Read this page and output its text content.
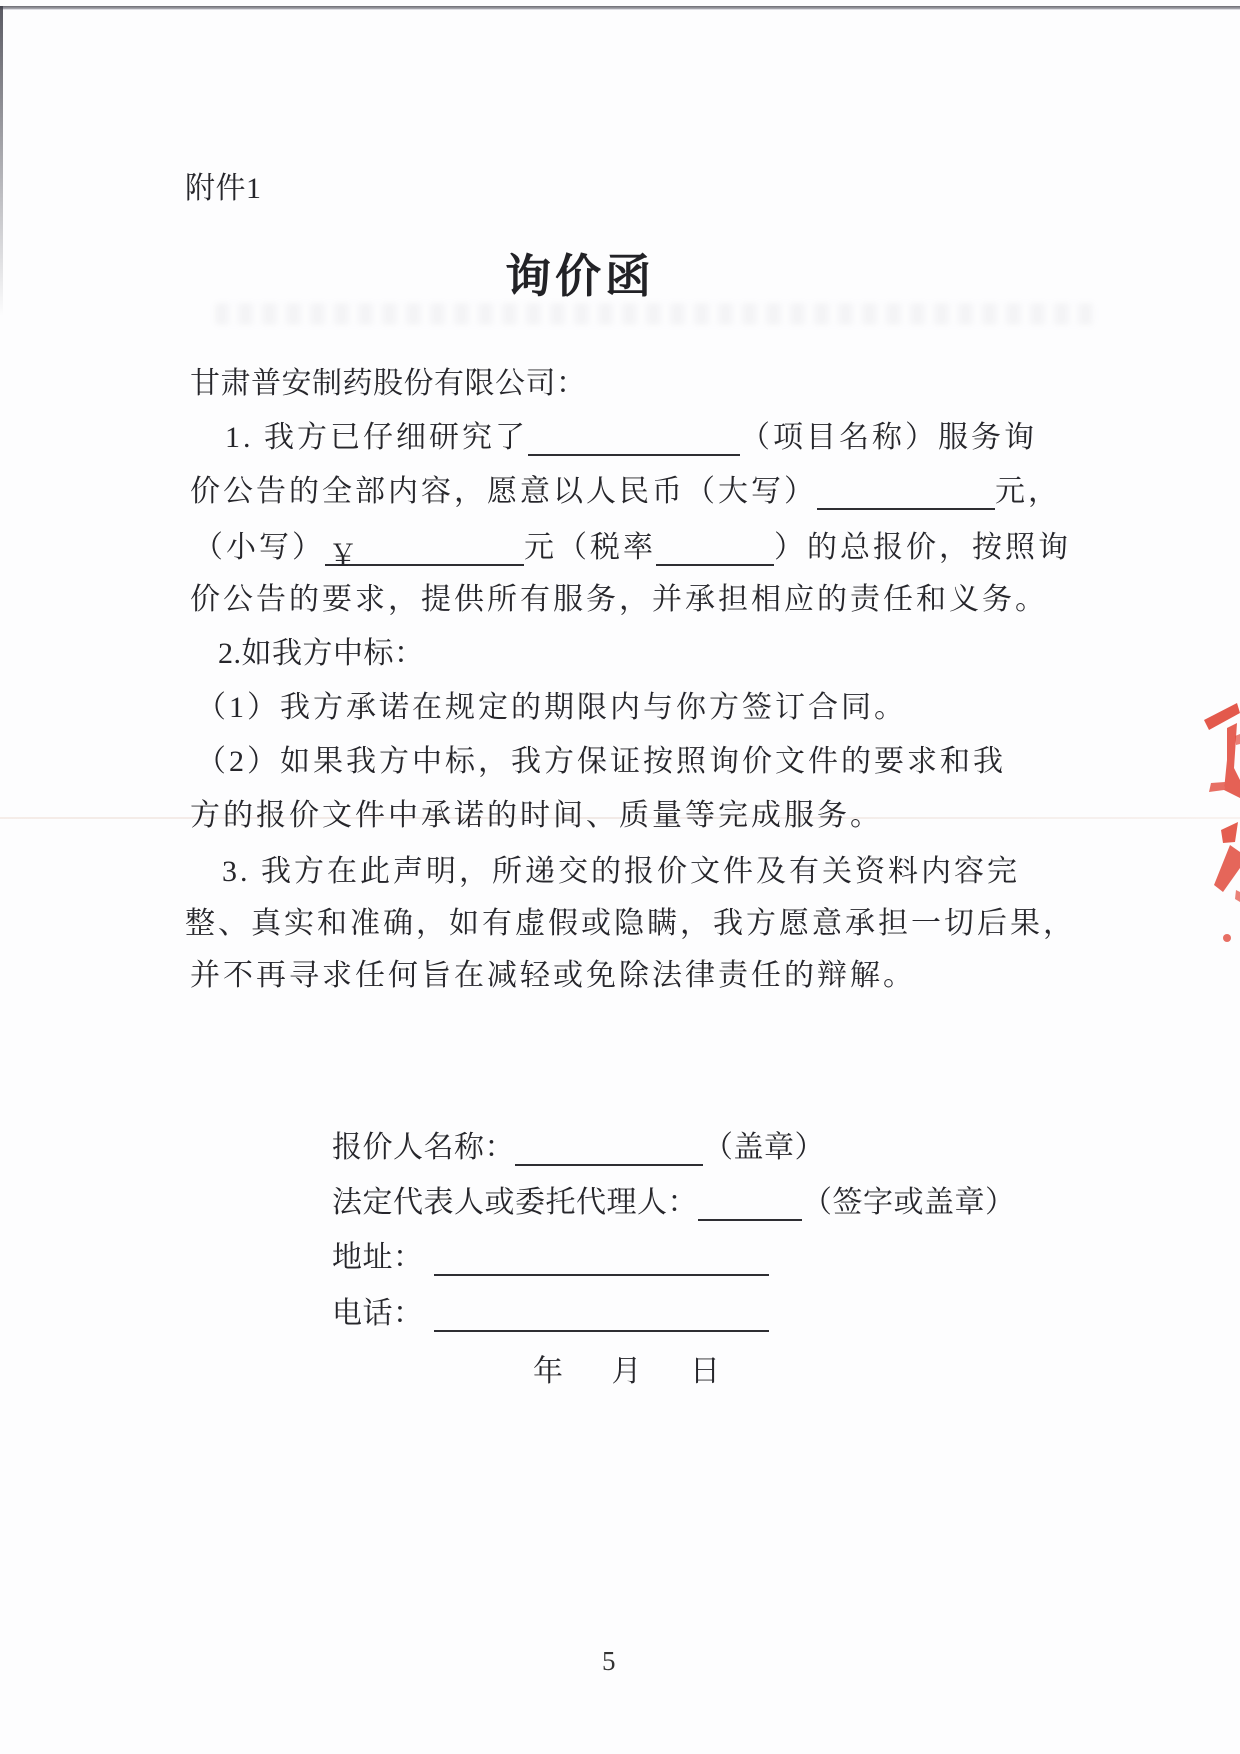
附件1
询价函
甘肃普安制药股份有限公司：
1. 我方已仔细研究了	（项目名称）服务询
价公告的全部内容，愿意以人民币（大写）	元，
（小写） ￥	元（税率	）的总报价，按照询
价公告的要求，提供所有服务，并承担相应的责任和义务。
2.如我方中标：
（1）我方承诺在规定的期限内与你方签订合同。
（2）如果我方中标，我方保证按照询价文件的要求和我
方的报价文件中承诺的时间、质量等完成服务。
3. 我方在此声明，所递交的报价文件及有关资料内容完
整、真实和准确，如有虚假或隐瞒，我方愿意承担一切后果，
并不再寻求任何旨在减轻或免除法律责任的辩解。
报价人名称：	（盖章）
法定代表人或委托代理人：	（签字或盖章）
地址：
电话：
年 月 日
5
